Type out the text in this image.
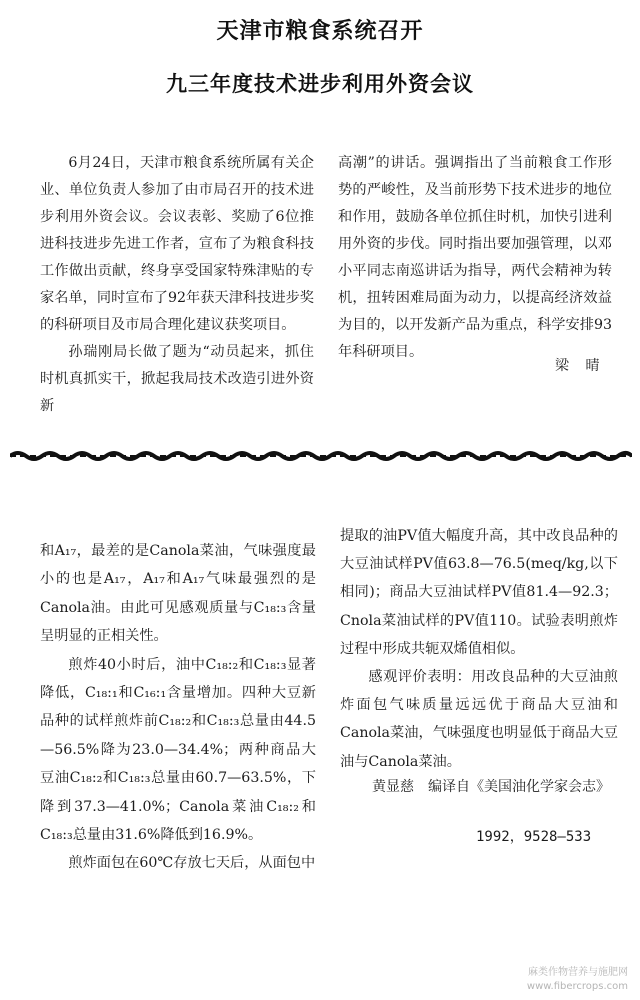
天津市粮食系统召开
九三年度技术进步利用外资会议

6月24日，天津市粮食系统所属有关企业、单位负责人参加了由市局召开的技术进步利用外资会议。会议表彰、奖励了6位推进科技进步先进工作者，宣布了为粮食科技工作做出贡献，终身享受国家特殊津贴的专家名单，同时宣布了92年获天津科技进步奖的科研项目及市局合理化建议获奖项目。

孙瑞刚局长做了题为“动员起来，抓住时机真抓实干，掀起我局技术改造引进外资新

高潮”的讲话。强调指出了当前粮食工作形势的严峻性，及当前形势下技术进步的地位和作用，鼓励各单位抓住时机，加快引进利用外资的步伐。同时指出要加强管理，以邓小平同志南巡讲话为指导，两代会精神为转机，扭转困难局面为动力，以提高经济效益为目的，以开发新产品为重点，科学安排93年科研项目。

梁 晴

和A₁₇，最差的是Canola菜油，气味强度最小的也是A₁₇，A₁₇和A₁₇气味最强烈的是Canola油。由此可见感观质量与C₁₈:₃含量呈明显的正相关性。

煎炸40小时后，油中C₁₈:₂和C₁₈:₃显著降低，C₁₈:₁和C₁₆:₁含量增加。四种大豆新品种的试样煎炸前C₁₈:₂和C₁₈:₃总量由44.5—56.5%降为23.0—34.4%；两种商品大豆油C₁₈:₂和C₁₈:₃总量由60.7—63.5%，下降到37.3—41.0%；Canola菜油C₁₈:₂和C₁₈:₃总量由31.6%降低到16.9%。

煎炸面包在60℃存放七天后，从面包中

提取的油PV值大幅度升高，其中改良品种的大豆油试样PV值63.8—76.5(meq/kg,以下相同)；商品大豆油试样PV值81.4—92.3；Cnola菜油试样的PV值110。试验表明煎炸过程中形成共轭双烯值相似。

感观评价表明：用改良品种的大豆油煎炸面包气味质量远远优于商品大豆油和Canola菜油，气味强度也明显低于商品大豆油与Canola菜油。

黄显慈　编译自《美国油化学家会志》
1992，9528—533
麻类作物营养与施肥网
www.fibercrops.com
